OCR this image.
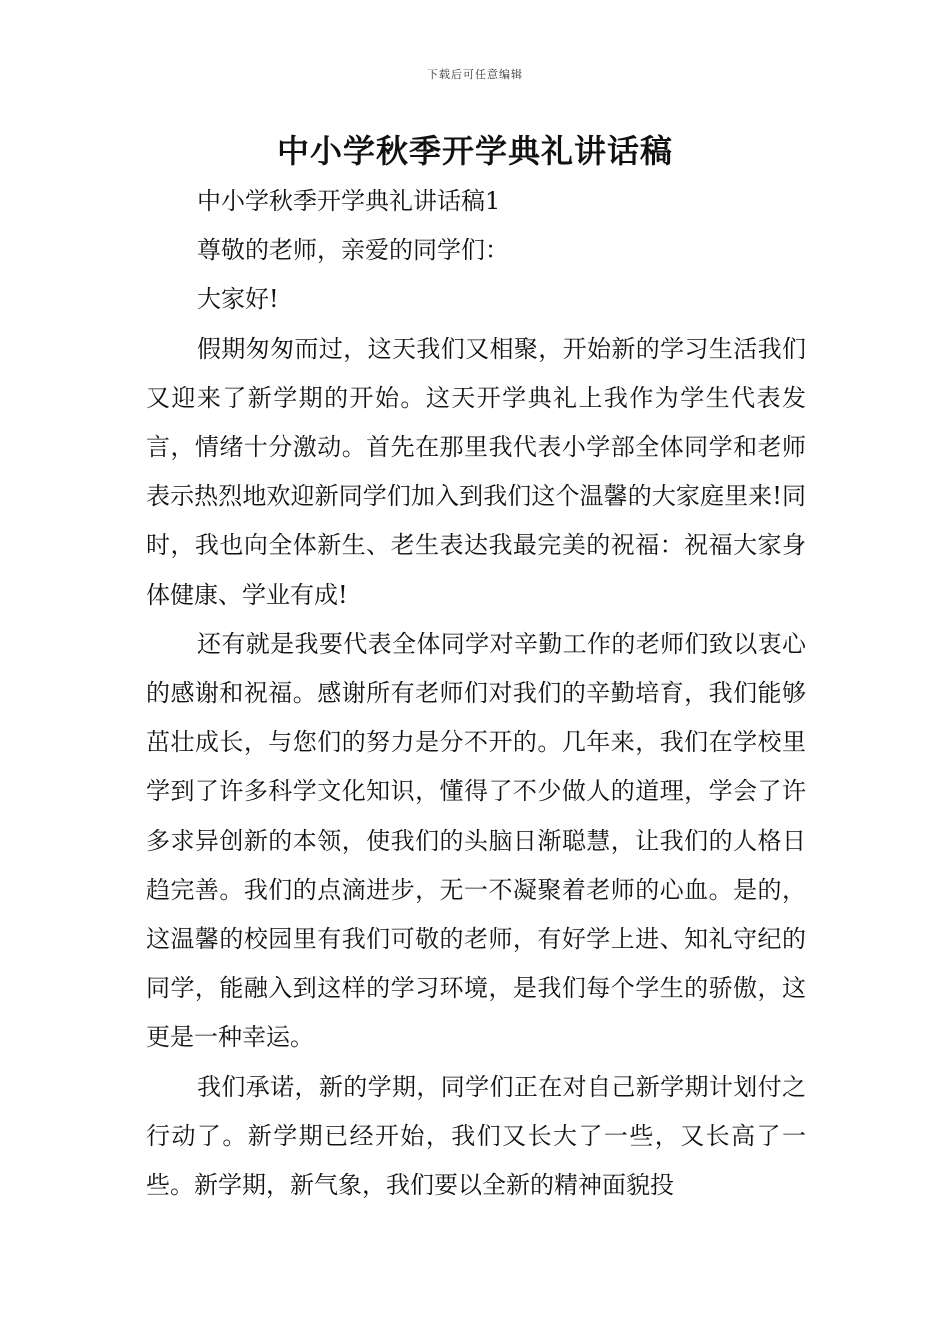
下载后可任意编辑
中小学秋季开学典礼讲话稿

中小学秋季开学典礼讲话稿1

尊敬的老师，亲爱的同学们：

大家好!

假期匆匆而过，这天我们又相聚，开始新的学习生活我们又迎来了新学期的开始。这天开学典礼上我作为学生代表发言，情绪十分激动。首先在那里我代表小学部全体同学和老师表示热烈地欢迎新同学们加入到我们这个温馨的大家庭里来!同时，我也向全体新生、老生表达我最完美的祝福：祝福大家身体健康、学业有成!

还有就是我要代表全体同学对辛勤工作的老师们致以衷心的感谢和祝福。感谢所有老师们对我们的辛勤培育，我们能够茁壮成长，与您们的努力是分不开的。几年来，我们在学校里学到了许多科学文化知识，懂得了不少做人的道理，学会了许多求异创新的本领，使我们的头脑日渐聪慧，让我们的人格日趋完善。我们的点滴进步，无一不凝聚着老师的心血。是的，这温馨的校园里有我们可敬的老师，有好学上进、知礼守纪的同学，能融入到这样的学习环境，是我们每个学生的骄傲，这更是一种幸运。

我们承诺，新的学期，同学们正在对自己新学期计划付之行动了。新学期已经开始，我们又长大了一些，又长高了一些。新学期，新气象，我们要以全新的精神面貌投
